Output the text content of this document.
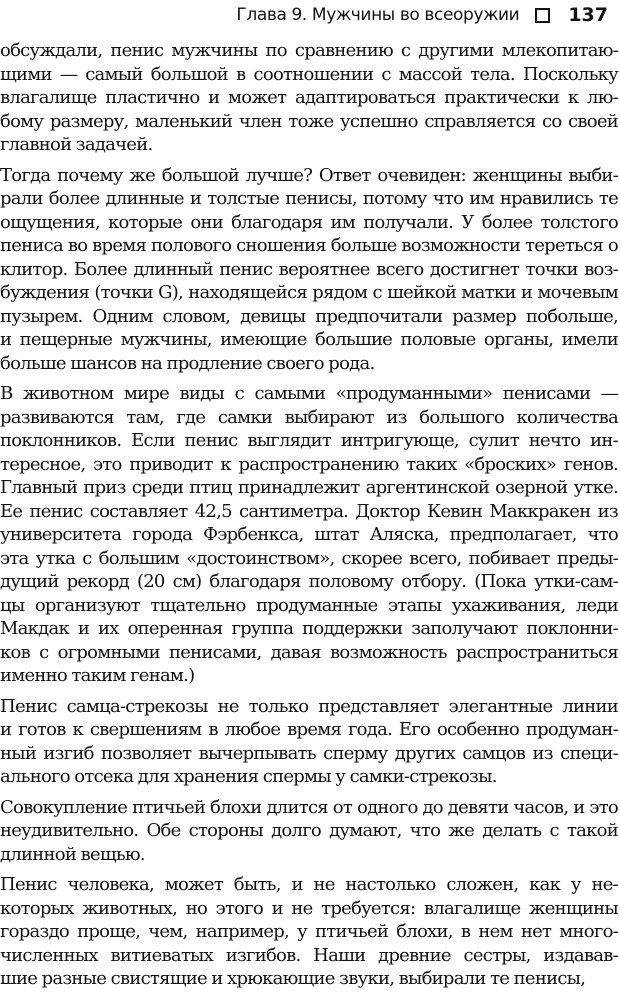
Глава 9. Мужчины во всеоружии	137

обсуждали, пенис мужчины по сравнению с другими млекопитаю-
щими — самый большой в соотношении с массой тела. Поскольку
влагалище пластично и может адаптироваться практически к лю-
бому размеру, маленький член тоже успешно справляется со своей
главной задачей.

Тогда почему же большой лучше? Ответ очевиден: женщины выби-
рали более длинные и толстые пенисы, потому что им нравились те
ощущения, которые они благодаря им получали. У более толстого
пениса во время полового сношения больше возможности тереться о
клитор. Более длинный пенис вероятнее всего достигнет точки воз-
буждения (точки G), находящейся рядом с шейкой матки и мочевым
пузырем. Одним словом, девицы предпочитали размер побольше,
и пещерные мужчины, имеющие большие половые органы, имели
больше шансов на продление своего рода.

В животном мире виды с самыми «продуманными» пенисами —
развиваются там, где самки выбирают из большого количества
поклонников. Если пенис выглядит интригующе, сулит нечто ин-
тересное, это приводит к распространению таких «броских» генов.
Главный приз среди птиц принадлежит аргентинской озерной утке.
Ее пенис составляет 42,5 сантиметра. Доктор Кевин Маккракен из
университета города Фэрбенкса, штат Аляска, предполагает, что
эта утка с большим «достоинством», скорее всего, побивает преды-
дущий рекорд (20 см) благодаря половому отбору. (Пока утки-сам-
цы организуют тщательно продуманные этапы ухаживания, леди
Макдак и их оперенная группа поддержки заполучают поклонни-
ков с огромными пенисами, давая возможность распространиться
именно таким генам.)

Пенис самца-стрекозы не только представляет элегантные линии
и готов к свершениям в любое время года. Его особенно продуман-
ный изгиб позволяет вычерпывать сперму других самцов из специ-
ального отсека для хранения спермы у самки-стрекозы.

Совокупление птичьей блохи длится от одного до девяти часов, и это
неудивительно. Обе стороны долго думают, что же делать с такой
длинной вещью.

Пенис человека, может быть, и не настолько сложен, как у не-
которых животных, но этого и не требуется: влагалище женщины
гораздо проще, чем, например, у птичьей блохи, в нем нет много-
численных витиеватых изгибов. Наши древние сестры, издавав-
шие разные свистящие и хрюкающие звуки, выбирали те пенисы,
